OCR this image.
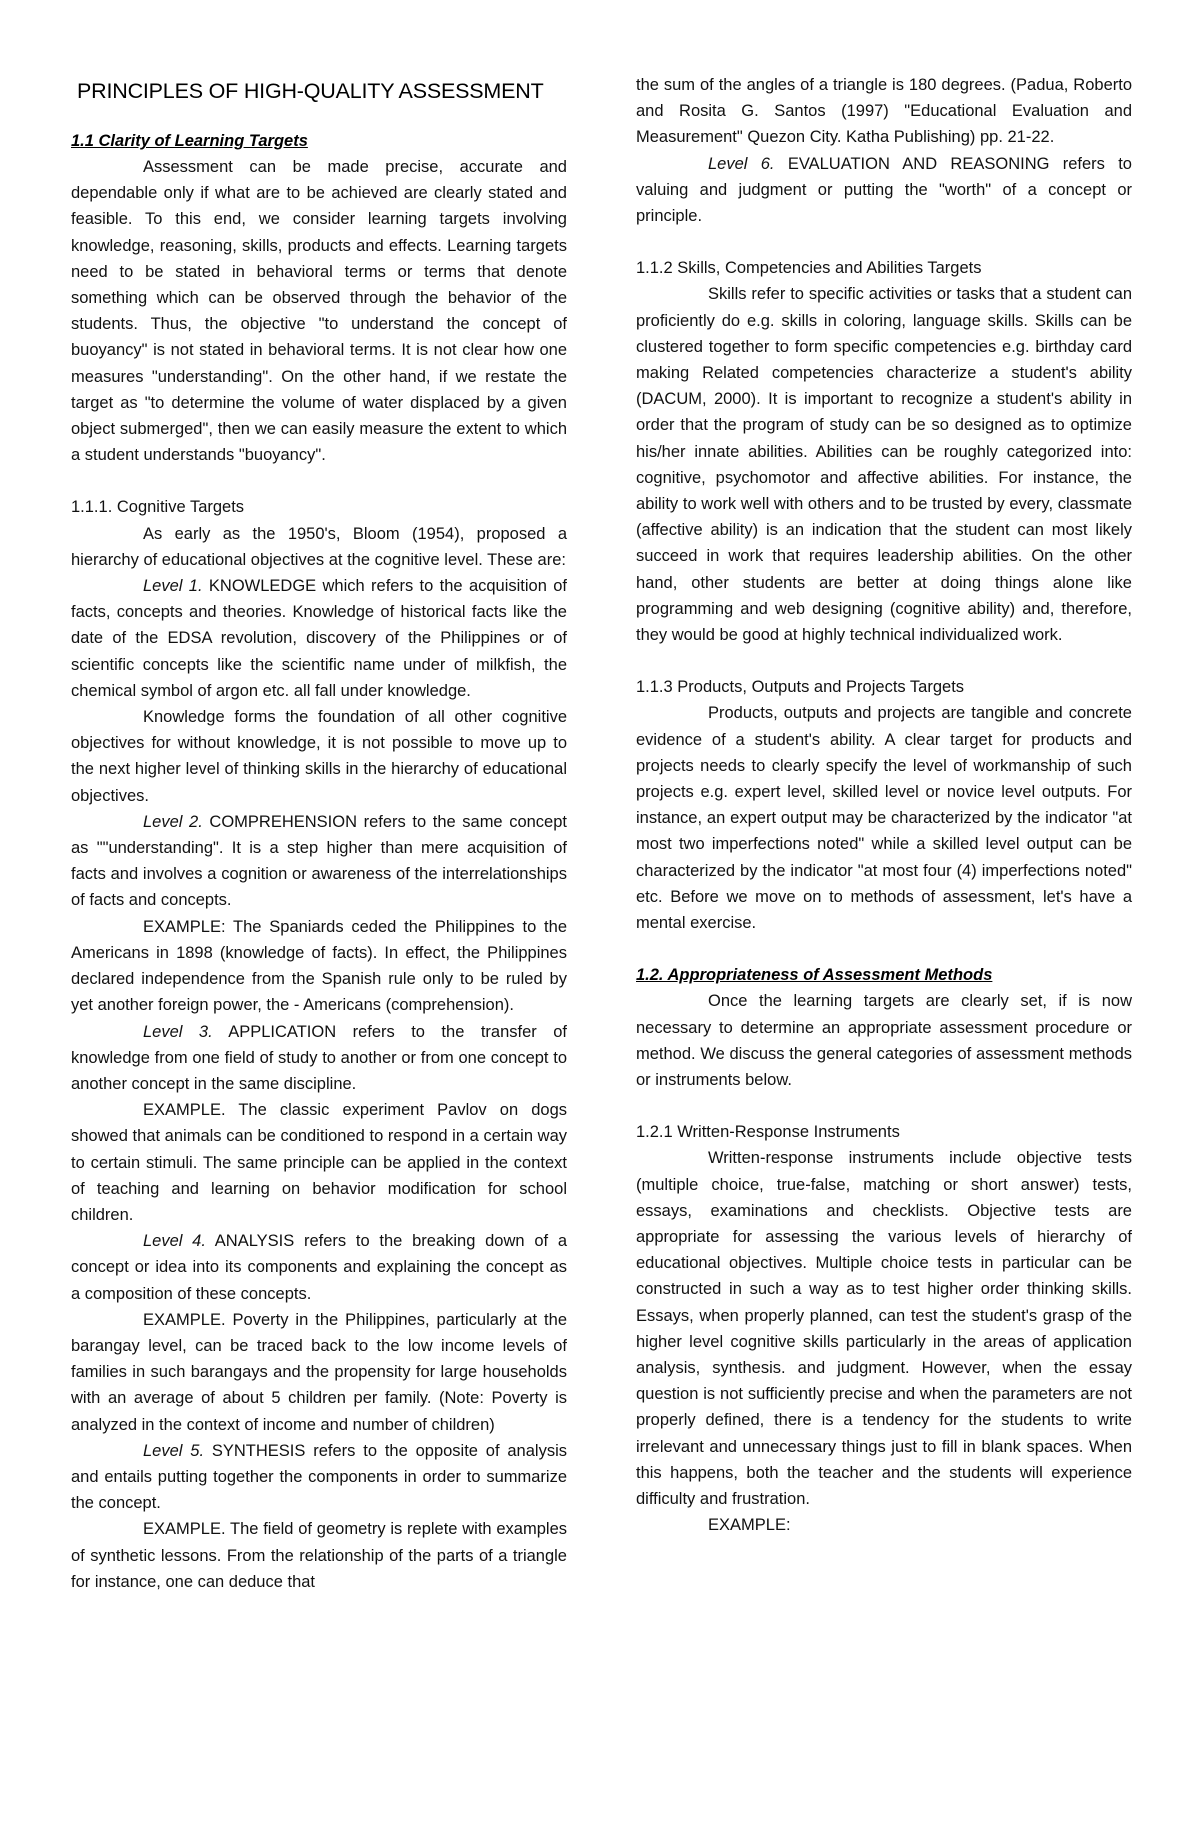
PRINCIPLES OF HIGH-QUALITY ASSESSMENT
1.1 Clarity of Learning Targets

Assessment can be made precise, accurate and dependable only if what are to be achieved are clearly stated and feasible. To this end, we consider learning targets involving knowledge, reasoning, skills, products and effects. Learning targets need to be stated in behavioral terms or terms that denote something which can be observed through the behavior of the students. Thus, the objective "to understand the concept of buoyancy" is not stated in behavioral terms. It is not clear how one measures "understanding". On the other hand, if we restate the target as "to determine the volume of water displaced by a given object submerged", then we can easily measure the extent to which a student understands "buoyancy".

1.1.1. Cognitive Targets

As early as the 1950's, Bloom (1954), proposed a hierarchy of educational objectives at the cognitive level. These are:

Level 1. KNOWLEDGE which refers to the acquisition of facts, concepts and theories. Knowledge of historical facts like the date of the EDSA revolution, discovery of the Philippines or of scientific concepts like the scientific name under of milkfish, the chemical symbol of argon etc. all fall under knowledge.

Knowledge forms the foundation of all other cognitive objectives for without knowledge, it is not possible to move up to the next higher level of thinking skills in the hierarchy of educational objectives.

Level 2. COMPREHENSION refers to the same concept as ""understanding". It is a step higher than mere acquisition of facts and involves a cognition or awareness of the interrelationships of facts and concepts.

EXAMPLE: The Spaniards ceded the Philippines to the Americans in 1898 (knowledge of facts). In effect, the Philippines declared independence from the Spanish rule only to be ruled by yet another foreign power, the - Americans (comprehension).

Level 3. APPLICATION refers to the transfer of knowledge from one field of study to another or from one concept to another concept in the same discipline.

EXAMPLE. The classic experiment Pavlov on dogs showed that animals can be conditioned to respond in a certain way to certain stimuli. The same principle can be applied in the context of teaching and learning on behavior modification for school children.

Level 4. ANALYSIS refers to the breaking down of a concept or idea into its components and explaining the concept as a composition of these concepts.

EXAMPLE. Poverty in the Philippines, particularly at the barangay level, can be traced back to the low income levels of families in such barangays and the propensity for large households with an average of about 5 children per family. (Note: Poverty is analyzed in the context of income and number of children)

Level 5. SYNTHESIS refers to the opposite of analysis and entails putting together the components in order to summarize the concept.

EXAMPLE. The field of geometry is replete with examples of synthetic lessons. From the relationship of the parts of a triangle for instance, one can deduce that

the sum of the angles of a triangle is 180 degrees. (Padua, Roberto and Rosita G. Santos (1997) "Educational Evaluation and Measurement" Quezon City. Katha Publishing) pp. 21-22.

Level 6. EVALUATION AND REASONING refers to valuing and judgment or putting the "worth" of a concept or principle.

1.1.2 Skills, Competencies and Abilities Targets

Skills refer to specific activities or tasks that a student can proficiently do e.g. skills in coloring, language skills. Skills can be clustered together to form specific competencies e.g. birthday card making Related competencies characterize a student's ability (DACUM, 2000). It is important to recognize a student's ability in order that the program of study can be so designed as to optimize his/her innate abilities. Abilities can be roughly categorized into: cognitive, psychomotor and affective abilities. For instance, the ability to work well with others and to be trusted by every, classmate (affective ability) is an indication that the student can most likely succeed in work that requires leadership abilities. On the other hand, other students are better at doing things alone like programming and web designing (cognitive ability) and, therefore, they would be good at highly technical individualized work.

1.1.3 Products, Outputs and Projects Targets

Products, outputs and projects are tangible and concrete evidence of a student's ability. A clear target for products and projects needs to clearly specify the level of workmanship of such projects e.g. expert level, skilled level or novice level outputs. For instance, an expert output may be characterized by the indicator "at most two imperfections noted" while a skilled level output can be characterized by the indicator "at most four (4) imperfections noted" etc. Before we move on to methods of assessment, let's have a mental exercise.

1.2. Appropriateness of Assessment Methods

Once the learning targets are clearly set, if is now necessary to determine an appropriate assessment procedure or method. We discuss the general categories of assessment methods or instruments below.

1.2.1 Written-Response Instruments

Written-response instruments include objective tests (multiple choice, true-false, matching or short answer) tests, essays, examinations and checklists. Objective tests are appropriate for assessing the various levels of hierarchy of educational objectives. Multiple choice tests in particular can be constructed in such a way as to test higher order thinking skills. Essays, when properly planned, can test the student's grasp of the higher level cognitive skills particularly in the areas of application analysis, synthesis. and judgment. However, when the essay question is not sufficiently precise and when the parameters are not properly defined, there is a tendency for the students to write irrelevant and unnecessary things just to fill in blank spaces. When this happens, both the teacher and the students will experience difficulty and frustration.

EXAMPLE:
